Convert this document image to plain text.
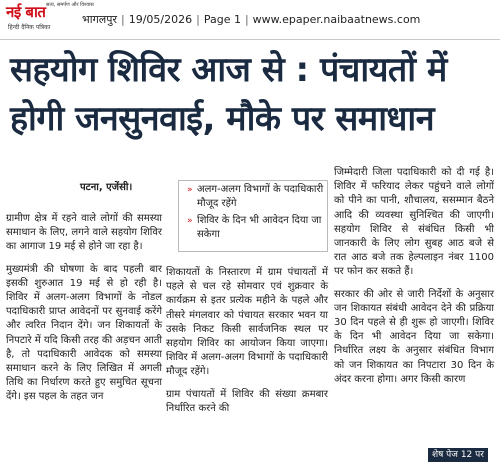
नई बात सत्य, समर्पण और विश्वास
हिन्दी दैनिक पत्रिका
भागलपुर | 19/05/2026 | Page 1 | www.epaper.naibaatnews.com
सहयोग शिविर आज से : पंचायतों में
होगी जनसुनवाई, मौके पर समाधान
पटना, एजेंसी।	» अलग-अलग विभागों के पदाधिकारी मौजूद रहेंगे
» शिविर के दिन भी आवेदन दिया जा सकेगा

ग्रामीण क्षेत्र में रहने वाले लोगों की समस्या समाधान के लिए, लगने वाले सहयोग शिविर का आगाज 19 मई से होने जा रहा है।

मुख्यमंत्री की घोषणा के बाद पहली बार इसकी शुरुआत 19 मई से हो रही है। शिविर में अलग-अलग विभागों के नोडल पदाधिकारी प्राप्त आवेदनों पर सुनवाई करेंगे और त्वरित निदान देंगे। जन शिकायतों के निपटारे में यदि किसी तरह की अड़चन आती है, तो पदाधिकारी आवेदक को समस्या समाधान करने के लिए लिखित में अगली तिथि का निर्धारण करते हुए समुचित सूचना देंगे। इस पहल के तहत जन

शिकायतों के निस्तारण में ग्राम पंचायतों में पहले से चल रहे सोमवार एवं शुक्रवार के कार्यक्रम से इतर प्रत्येक महीने के पहले और तीसरे मंगलवार को पंचायत सरकार भवन या उसके निकट किसी सार्वजनिक स्थल पर सहयोग शिविर का आयोजन किया जाएगा। शिविर में अलग-अलग विभागों के पदाधिकारी मौजूद रहेंगे।

ग्राम पंचायतों में शिविर की संख्या क्रमबार निर्धारित करने की

जिम्मेदारी जिला पदाधिकारी को दी गई है। शिविर में फरियाद लेकर पहुंचने वाले लोगों को पीने का पानी, शौचालय, ससम्मान बैठने आदि की व्यवस्था सुनिश्चित की जाएगी। सहयोग शिविर से संबंधित किसी भी जानकारी के लिए लोग सुबह आठ बजे से रात आठ बजे तक हेल्पलाइन नंबर 1100 पर फोन कर सकते हैं।

सरकार की ओर से जारी निर्देशों के अनुसार जन शिकायत संबंधी आवेदन देने की प्रक्रिया 30 दिन पहले से ही शुरू हो जाएगी। शिविर के दिन भी आवेदन दिया जा सकेगा। निर्धारित लक्ष्य के अनुसार संबंधित विभाग को जन शिकायत का निपटारा 30 दिन के अंदर करना होगा। अगर किसी कारण

शेष पेज 12 पर
